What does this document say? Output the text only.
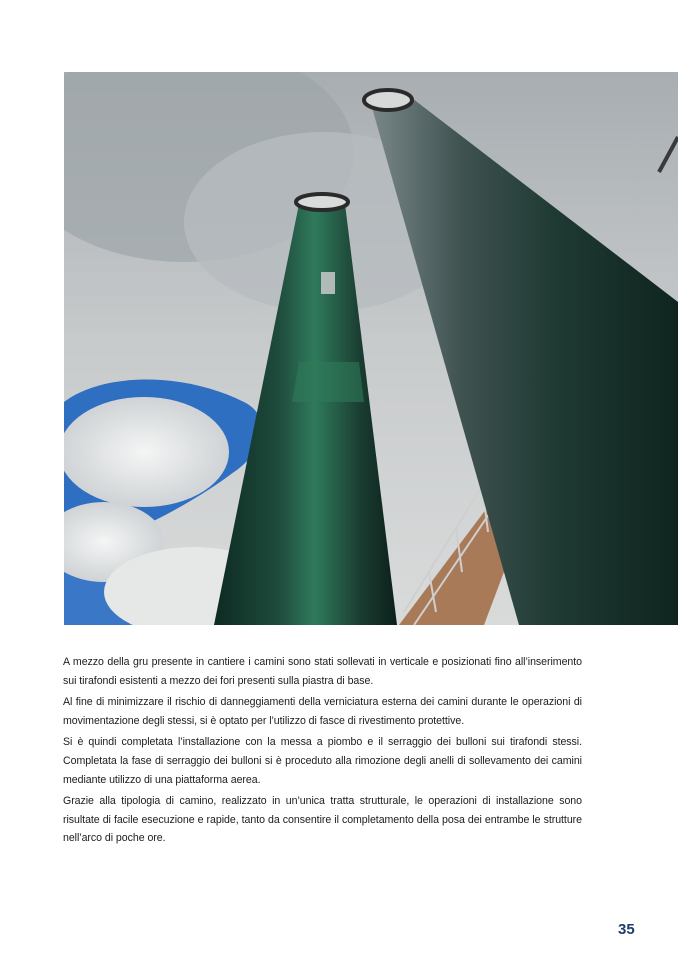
A mezzo della gru presente in cantiere i camini sono stati sollevati in verticale e posizionati fino all’inserimento sui tirafondi esistenti a mezzo dei fori presenti sulla piastra di base.

Al fine di minimizzare il rischio di danneggiamenti della verniciatura esterna dei camini durante le operazioni di movimentazione degli stessi, si è optato per l’utilizzo di fasce di rivestimento protettive.

Si è quindi completata l’installazione con la messa a piombo e il serraggio dei bulloni sui tirafondi stessi. Completata la fase di serraggio dei bulloni si è proceduto alla rimozione degli anelli di sollevamento dei camini mediante utilizzo di una piattaforma aerea.

Grazie alla tipologia di camino, realizzato in un’unica tratta strutturale, le operazioni di installazione sono risultate di facile esecuzione e rapide, tanto da consentire il completamento della posa dei entrambe le strutture nell’arco di poche ore.

35
